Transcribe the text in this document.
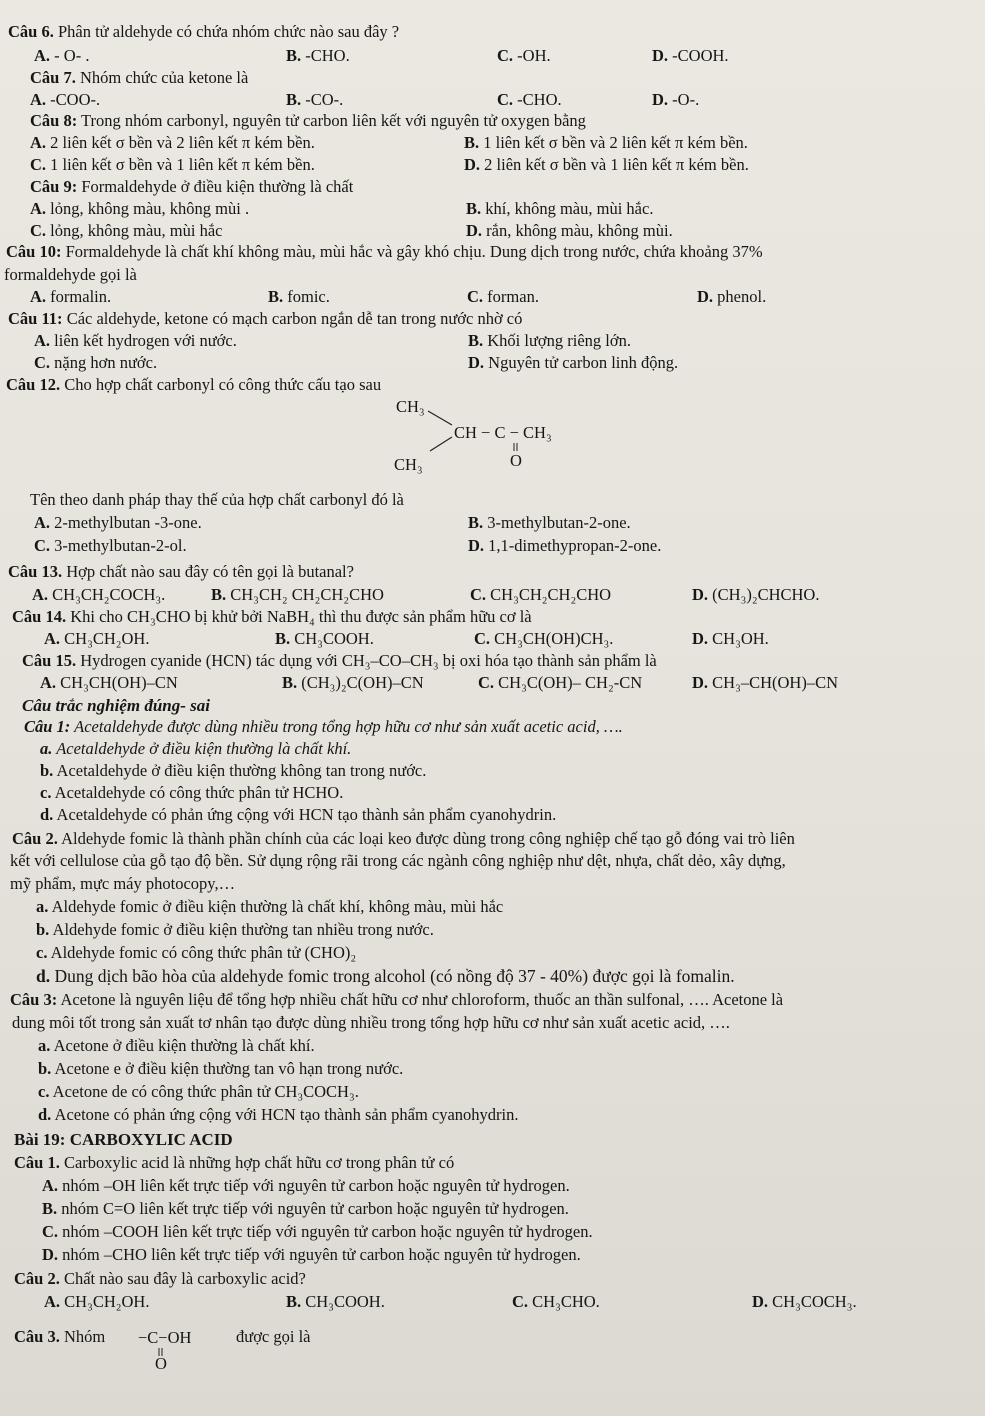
Câu 6. Phân tử aldehyde có chứa nhóm chức nào sau đây ?
A. - O- .	B. -CHO.	C. -OH.	D. -COOH.
Câu 7. Nhóm chức của ketone là
A. -COO-.	B. -CO-.	C. -CHO.	D. -O-.
Câu 8: Trong nhóm carbonyl, nguyên tử carbon liên kết với nguyên tử oxygen bằng
A. 2 liên kết σ bền và 2 liên kết π kém bền.	B. 1 liên kết σ bền và 2 liên kết π kém bền.
C. 1 liên kết σ bền và 1 liên kết π kém bền.	D. 2 liên kết σ bền và 1 liên kết π kém bền.
Câu 9: Formaldehyde ở điều kiện thường là chất
A. lỏng, không màu, không mùi .	B. khí, không màu, mùi hắc.
C. lỏng, không màu, mùi hắc	D. rắn, không màu, không mùi.
Câu 10: Formaldehyde là chất khí không màu, mùi hắc và gây khó chịu. Dung dịch trong nước, chứa khoảng 37%
formaldehyde gọi là
A. formalin.	B. fomic.	C. forman.	D. phenol.
Câu 11: Các aldehyde, ketone có mạch carbon ngắn dễ tan trong nước nhờ có
A. liên kết hydrogen với nước.	B. Khối lượng riêng lớn.
C. nặng hơn nước.	D. Nguyên tử carbon linh động.
Câu 12. Cho hợp chất carbonyl có công thức cấu tạo sau
CH₃
CH₃
CH − C − CH₃
O
Tên theo danh pháp thay thế của hợp chất carbonyl đó là
A. 2-methylbutan -3-one.	B. 3-methylbutan-2-one.
C. 3-methylbutan-2-ol.	D. 1,1-dimethypropan-2-one.
Câu 13. Hợp chất nào sau đây có tên gọi là butanal?
A. CH₃CH₂COCH₃.	B. CH₃CH₂ CH₂CH₂CHO	C. CH₃CH₂CH₂CHO	D. (CH₃)₂CHCHO.
Câu 14. Khi cho CH₃CHO bị khử bởi NaBH₄ thì thu được sản phẩm hữu cơ là
A. CH₃CH₂OH.	B. CH₃COOH.	C. CH₃CH(OH)CH₃.	D. CH₃OH.
Câu 15. Hydrogen cyanide (HCN) tác dụng với CH₃–CO–CH₃ bị oxi hóa tạo thành sản phẩm là
A. CH₃CH(OH)–CN	B. (CH₃)₂C(OH)–CN	C. CH₃C(OH)– CH₂-CN	D. CH₃–CH(OH)–CN
Câu trắc nghiệm đúng- sai
Câu 1: Acetaldehyde được dùng nhiều trong tổng hợp hữu cơ như sản xuất acetic acid, ….
a. Acetaldehyde ở điều kiện thường là chất khí.
b. Acetaldehyde ở điều kiện thường không tan trong nước.
c. Acetaldehyde có công thức phân tử HCHO.
d. Acetaldehyde có phản ứng cộng với HCN tạo thành sản phẩm cyanohydrin.
Câu 2. Aldehyde fomic là thành phần chính của các loại keo được dùng trong công nghiệp chế tạo gỗ đóng vai trò liên
kết với cellulose của gỗ tạo độ bền. Sử dụng rộng rãi trong các ngành công nghiệp như dệt, nhựa, chất dẻo, xây dựng,
mỹ phẩm, mực máy photocopy,…
a. Aldehyde fomic ở điều kiện thường là chất khí, không màu, mùi hắc
b. Aldehyde fomic ở điều kiện thường tan nhiều trong nước.
c. Aldehyde fomic có công thức phân tử (CHO)₂
d. Dung dịch bão hòa của aldehyde fomic trong alcohol (có nồng độ 37 - 40%) được gọi là fomalin.
Câu 3: Acetone là nguyên liệu để tổng hợp nhiều chất hữu cơ như chloroform, thuốc an thần sulfonal, …. Acetone là
dung môi tốt trong sản xuất tơ nhân tạo được dùng nhiều trong tổng hợp hữu cơ như sản xuất acetic acid, ….
a. Acetone ở điều kiện thường là chất khí.
b. Acetone e ở điều kiện thường tan vô hạn trong nước.
c. Acetone de có công thức phân tử CH₃COCH₃.
d. Acetone có phản ứng cộng với HCN tạo thành sản phẩm cyanohydrin.
Bài 19: CARBOXYLIC ACID
Câu 1. Carboxylic acid là những hợp chất hữu cơ trong phân tử có
A. nhóm –OH liên kết trực tiếp với nguyên tử carbon hoặc nguyên tử hydrogen.
B. nhóm C=O liên kết trực tiếp với nguyên tử carbon hoặc nguyên tử hydrogen.
C. nhóm –COOH liên kết trực tiếp với nguyên tử carbon hoặc nguyên tử hydrogen.
D. nhóm –CHO liên kết trực tiếp với nguyên tử carbon hoặc nguyên tử hydrogen.
Câu 2. Chất nào sau đây là carboxylic acid?
A. CH₃CH₂OH.	B. CH₃COOH.	C. CH₃CHO.	D. CH₃COCH₃.
Câu 3. Nhóm −C−OH
O
được gọi là
